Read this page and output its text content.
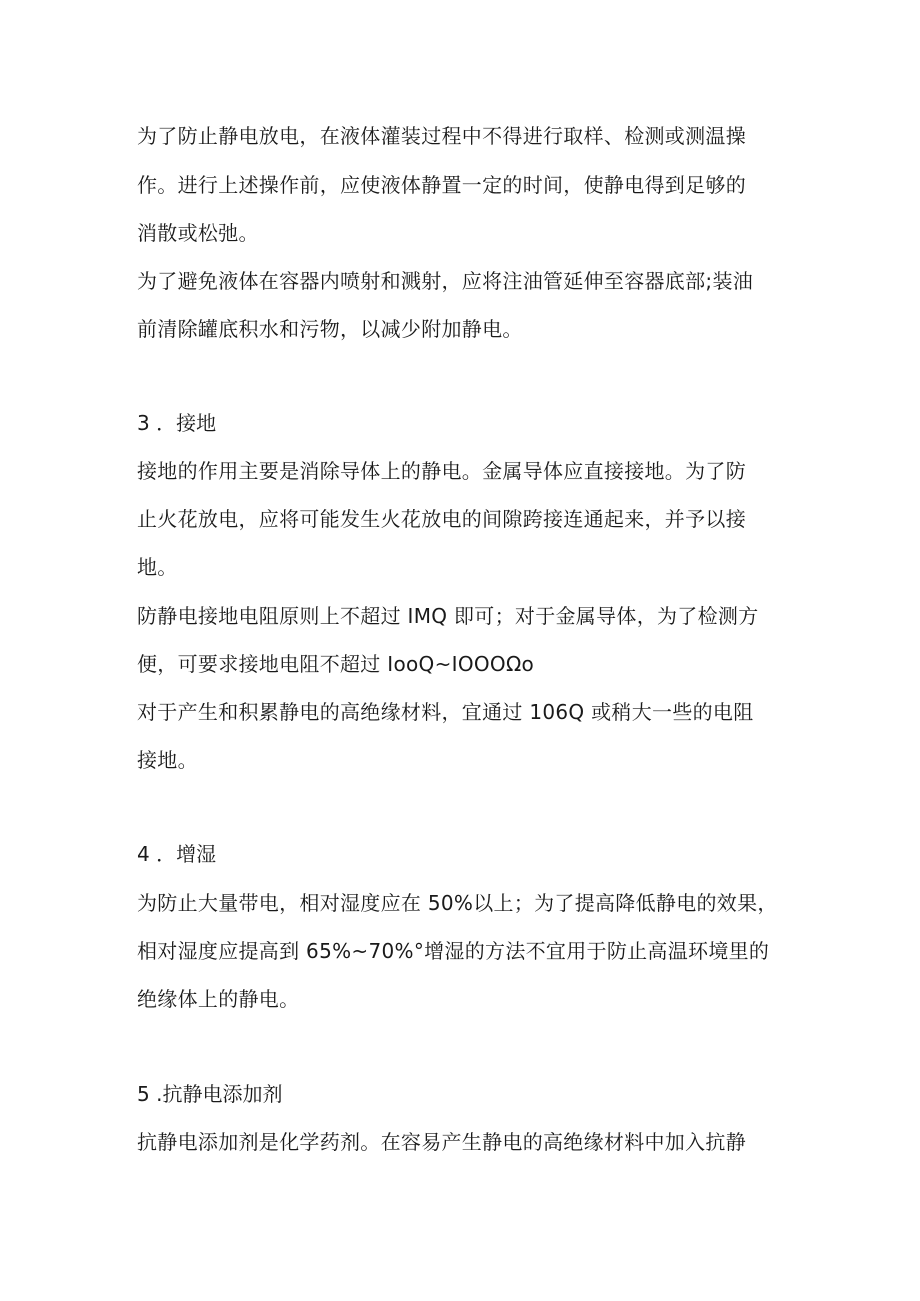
为了防止静电放电，在液体灌装过程中不得进行取样、检测或测温操
作。进行上述操作前，应使液体静置一定的时间，使静电得到足够的
消散或松弛。
为了避免液体在容器内喷射和溅射，应将注油管延伸至容器底部;装油
前清除罐底积水和污物，以减少附加静电。
3 ．接地
接地的作用主要是消除导体上的静电。金属导体应直接接地。为了防
止火花放电，应将可能发生火花放电的间隙跨接连通起来，并予以接
地。
防静电接地电阻原则上不超过 IMQ 即可；对于金属导体，为了检测方
便，可要求接地电阻不超过 IooQ~IOOOΩo
对于产生和积累静电的高绝缘材料，宜通过 106Q 或稍大一些的电阻
接地。
4 ．增湿
为防止大量带电，相对湿度应在 50%以上；为了提高降低静电的效果，
相对湿度应提高到 65%~70%°增湿的方法不宜用于防止高温环境里的
绝缘体上的静电。
5 .抗静电添加剂
抗静电添加剂是化学药剂。在容易产生静电的高绝缘材料中加入抗静
